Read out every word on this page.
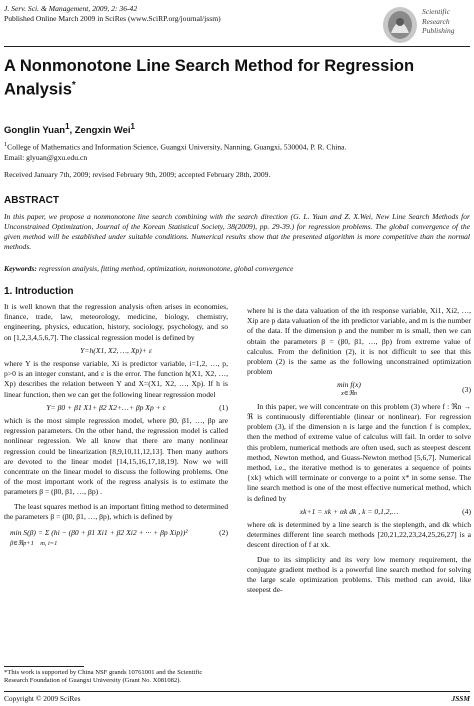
J. Serv. Sci. & Management, 2009, 2: 36-42
Published Online March 2009 in SciRes (www.SciRP.org/journal/jssm)
Scientific
Research
Publishing
A Nonmonotone Line Search Method for Regression Analysis*
Gonglin Yuan$^1$, Zengxin Wei$^1$
$^1$College of Mathematics and Information Science, Guangxi University, Nanning, Guangxi, 530004, P. R. China.
Email: glyuan@gxu.edu.cn
Received January 7th, 2009; revised February 9th, 2009; accepted February 28th, 2009.
ABSTRACT
In this paper, we propose a nonmonotone line search combining with the search direction (G. L. Yuan and Z. X.Wei, New Line Search Methods for Unconstrained Optimization, Journal of the Korean Statistical Society, 38(2009), pp. 29-39.) for regression problems. The global convergence of the given method will be established under suitable conditions. Numerical results show that the presented algorithm is more competitive than the normal methods.
Keywords: regression analysis, fitting method, optimization, nonmonotone, global convergence
1. Introduction

It is well known that the regression analysis often arises in economies, finance, trade, law, meteorology, medicine, biology, chemistry, engineering, physics, education, history, sociology, psychology, and so on [1,2,3,4,5,6,7]. The classical regression model is defined by

Y=h(X1, X2, …, Xp)+ ε

where Y is the response variable, Xi is predictor variable, i=1,2, …, p, p>0 is an integer constant, and ε is the error. The function h(X1, X2, …, Xp) describes the relation between Y and X=(X1, X2, …, Xp). If h is linear function, then we can get the following linear regression model

Y= β0 + β1 X1+ β2 X2+…+ βp Xp + ε	(1)

which is the most simple regression model, where β0, β1, …, βp are regression parameters. On the other hand, the regression model is called nonlinear regression. We all know that there are many nonlinear regression could be linearization [8,9,10,11,12,13]. Then many authors are devoted to the linear model [14,15,16,17,18,19]. Now we will concentrate on the linear model to discuss the following problems. One of the most important work of the regress analysis is to estimate the parameters β = (β0, β1, …, βp) .

The least squares method is an important fitting method to determined the parameters β = (β0, β1, …, βp), which is defined by

min S(β) = Σ (hi − (β0 + β1 Xi1 + β2 Xi2 + ··· + βp Xip))²	(2)
β∈ℜp+1 m, i=1

where hi is the data valuation of the ith response variable, Xi1, Xi2, …, Xip are p data valuation of the ith predictor variable, and m is the number of the data. If the dimension p and the number m is small, then we can obtain the parameters β = (β0, β1, …, βp) from extreme value of calculus. From the definition (2), it is not difficult to see that this problem (2) is the same as the following unconstrained optimization problem

min f(x)
x∈ℜn	(3)

In this paper, we will concentrate on this problem (3) where f : ℜn → ℜ is continuously differentiable (linear or nonlinear). For regression problem (3), if the dimension n is large and the function f is complex, then the method of extreme value of calculus will fail. In order to solve this problem, numerical methods are often used, such as steepest descent method, Newton method, and Guass-Newton method [5,6,7]. Numerical method, i.e., the iterative method is to generates a sequence of points {xk} which will terminate or converge to a point x* in some sense. The line search method is one of the most effective numerical method, which is defined by

xk+1 = xk + αk dk , k = 0,1,2,…	(4)

where αk is determined by a line search is the steplength, and dk which determines different line search methods [20,21,22,23,24,25,26,27] is a descent direction of f at xk.

Due to its simplicity and its very low memory requirement, the conjugate gradient method is a powerful line search method for solving the large scale optimization problems. This method can avoid, like steepest de-

*This work is supported by China NSF grands 10761001 and the Scientific Research Foundation of Guangxi University (Grant No. X081082).
Copyright © 2009 SciRes	JSSM
